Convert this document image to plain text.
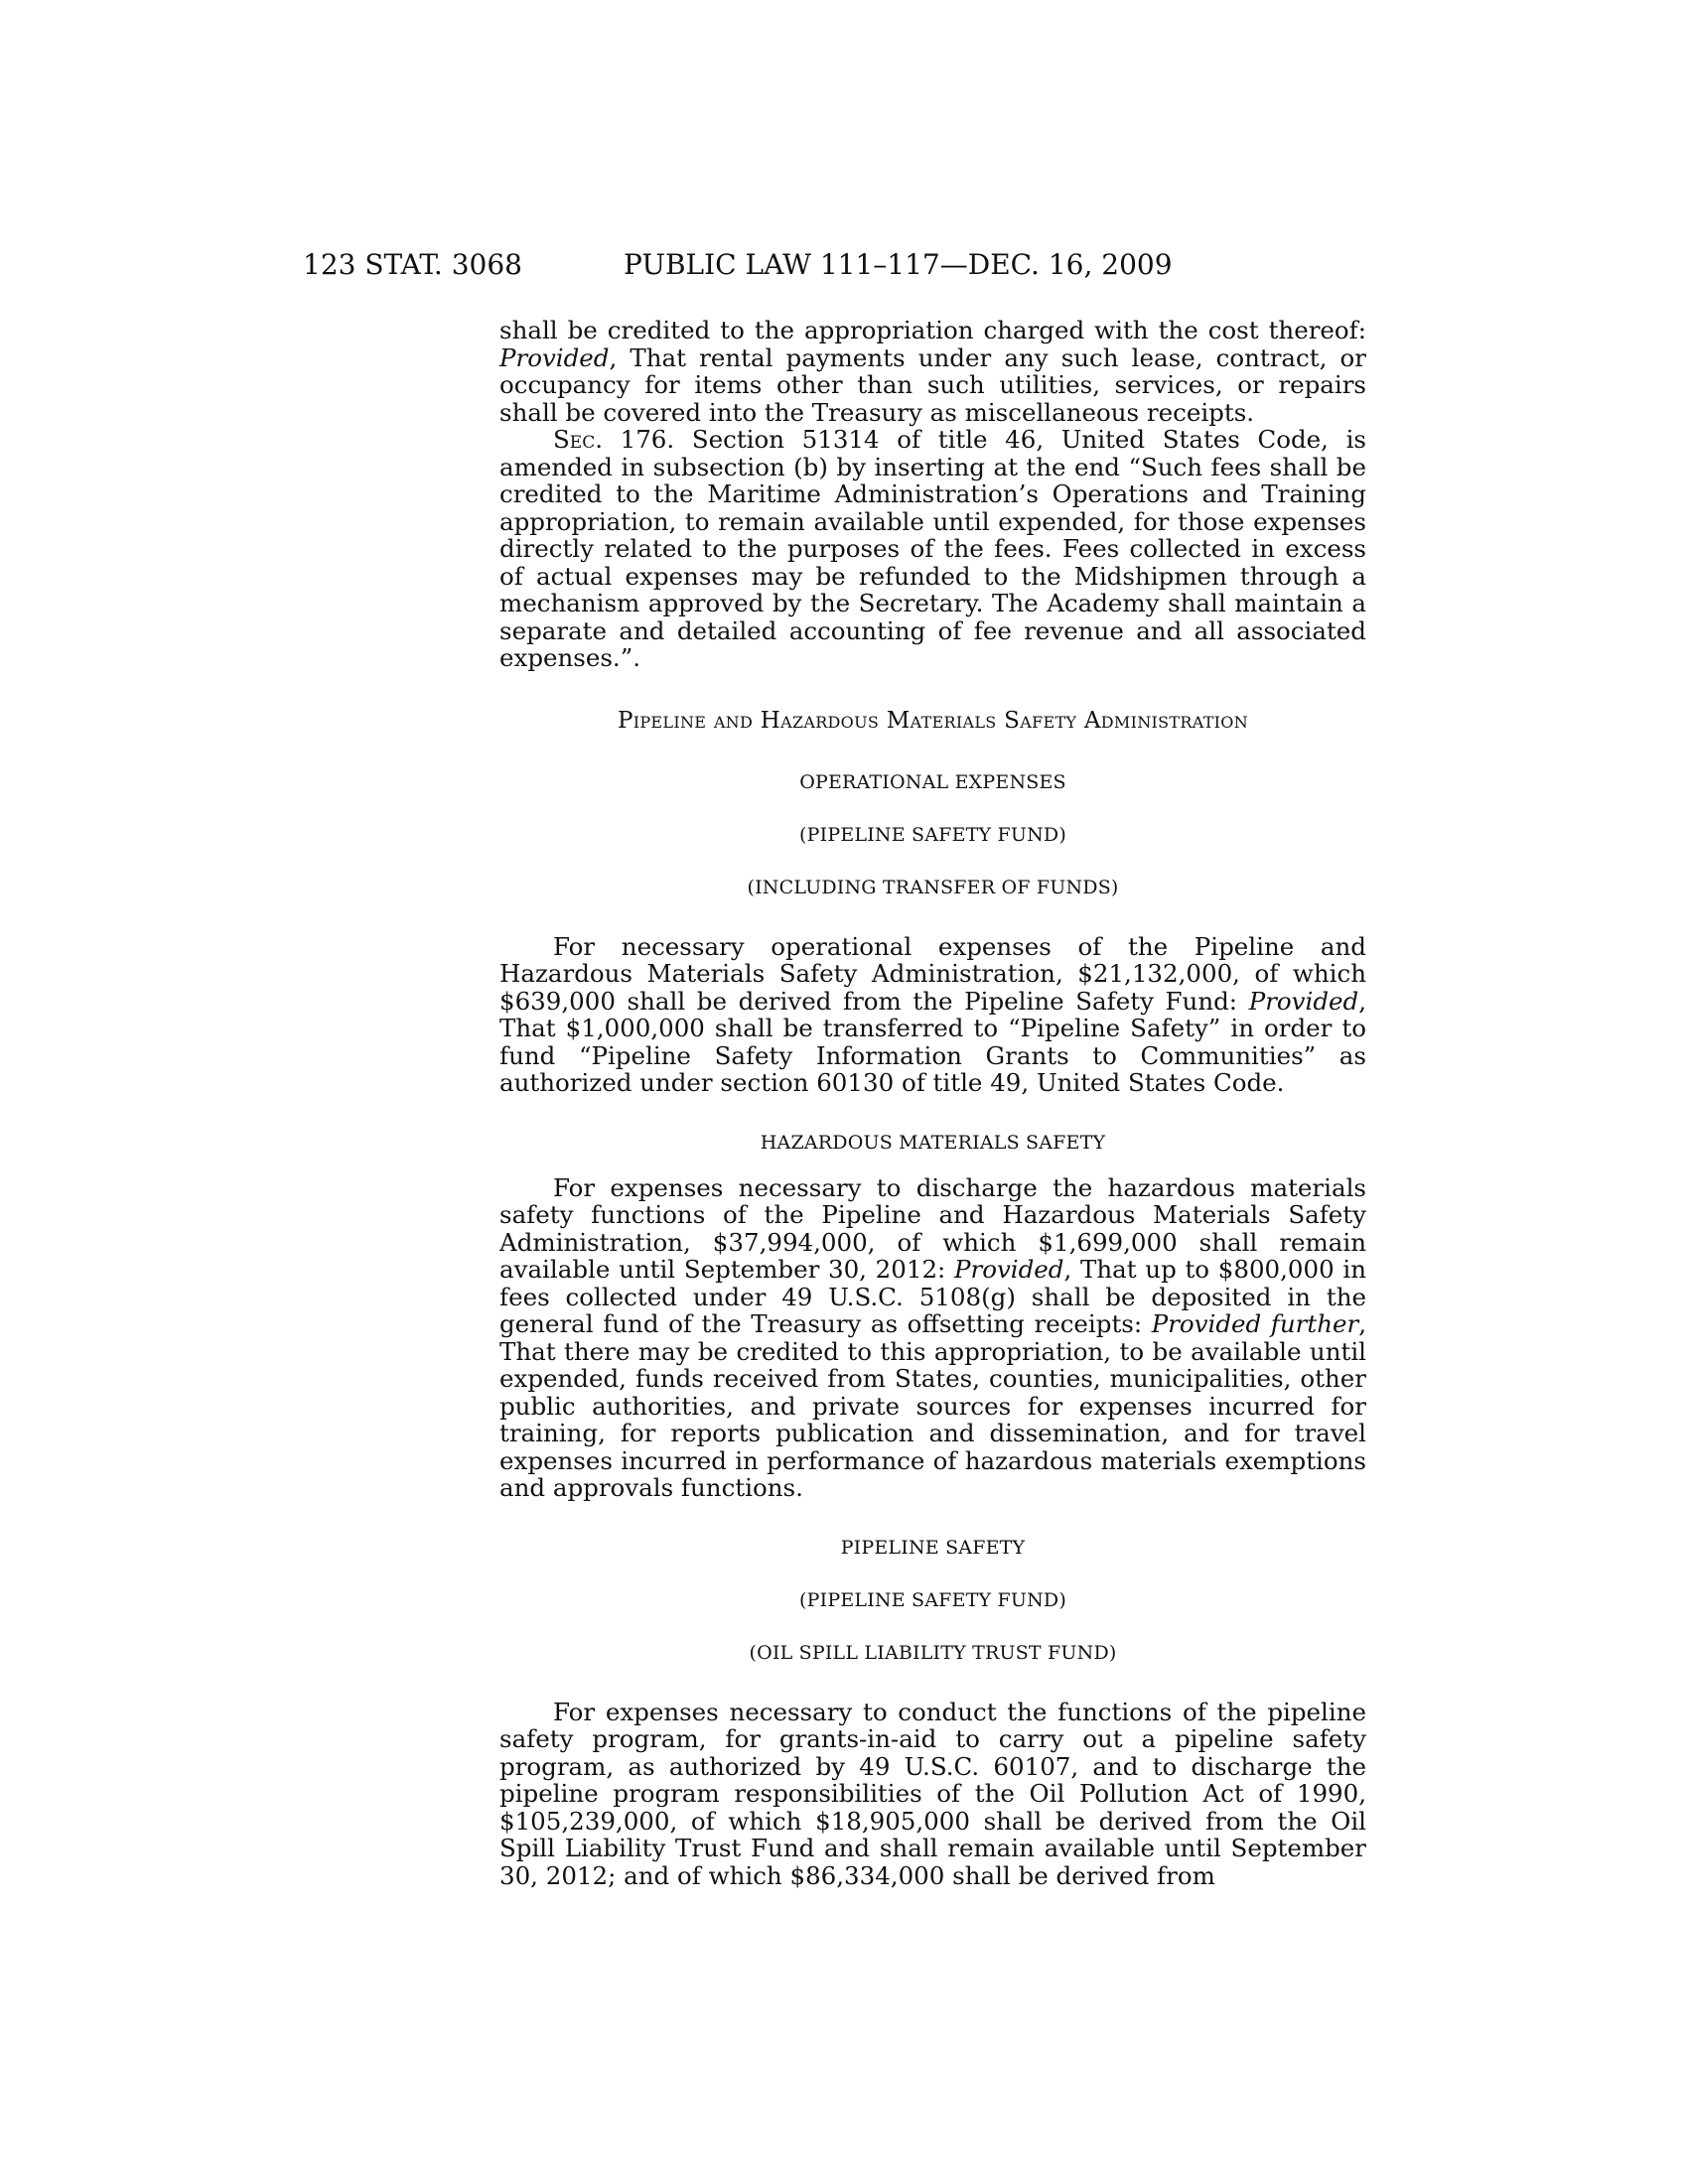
123 STAT. 3068	PUBLIC LAW 111–117—DEC. 16, 2009

shall be credited to the appropriation charged with the cost thereof: Provided, That rental payments under any such lease, contract, or occupancy for items other than such utilities, services, or repairs shall be covered into the Treasury as miscellaneous receipts.

Sec. 176. Section 51314 of title 46, United States Code, is amended in subsection (b) by inserting at the end “Such fees shall be credited to the Maritime Administration’s Operations and Training appropriation, to remain available until expended, for those expenses directly related to the purposes of the fees. Fees collected in excess of actual expenses may be refunded to the Midshipmen through a mechanism approved by the Secretary. The Academy shall maintain a separate and detailed accounting of fee revenue and all associated expenses.”.

Pipeline and Hazardous Materials Safety Administration

OPERATIONAL EXPENSES

(PIPELINE SAFETY FUND)

(INCLUDING TRANSFER OF FUNDS)

For necessary operational expenses of the Pipeline and Hazardous Materials Safety Administration, $21,132,000, of which $639,000 shall be derived from the Pipeline Safety Fund: Provided, That $1,000,000 shall be transferred to “Pipeline Safety” in order to fund “Pipeline Safety Information Grants to Communities” as authorized under section 60130 of title 49, United States Code.

HAZARDOUS MATERIALS SAFETY

For expenses necessary to discharge the hazardous materials safety functions of the Pipeline and Hazardous Materials Safety Administration, $37,994,000, of which $1,699,000 shall remain available until September 30, 2012: Provided, That up to $800,000 in fees collected under 49 U.S.C. 5108(g) shall be deposited in the general fund of the Treasury as offsetting receipts: Provided further, That there may be credited to this appropriation, to be available until expended, funds received from States, counties, municipalities, other public authorities, and private sources for expenses incurred for training, for reports publication and dissemination, and for travel expenses incurred in performance of hazardous materials exemptions and approvals functions.

PIPELINE SAFETY

(PIPELINE SAFETY FUND)

(OIL SPILL LIABILITY TRUST FUND)

For expenses necessary to conduct the functions of the pipeline safety program, for grants-in-aid to carry out a pipeline safety program, as authorized by 49 U.S.C. 60107, and to discharge the pipeline program responsibilities of the Oil Pollution Act of 1990, $105,239,000, of which $18,905,000 shall be derived from the Oil Spill Liability Trust Fund and shall remain available until September 30, 2012; and of which $86,334,000 shall be derived from
